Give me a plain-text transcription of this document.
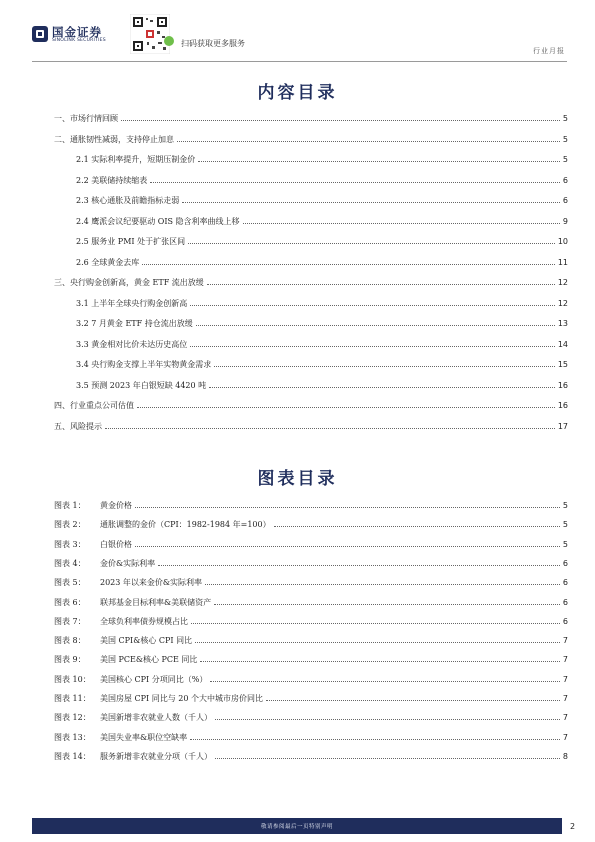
国金证券
SINOLINK SECURITIES	扫码获取更多服务
行业月报
内容目录
一、市场行情回顾	5
二、通胀韧性减弱，支持停止加息	5
2.1 实际利率提升，短期压制金价	5
2.2 美联储持续缩表	6
2.3 核心通胀及前瞻指标走弱	6
2.4 鹰派会议纪要驱动 OIS 隐含利率曲线上移	9
2.5 服务业 PMI 处于扩张区间	10
2.6 全球黄金去库	11
三、央行购金创新高，黄金 ETF 流出放缓	12
3.1 上半年全球央行购金创新高	12
3.2 7 月黄金 ETF 持仓流出放缓	13
3.3 黄金相对比价未达历史高位	14
3.4 央行购金支撑上半年实物黄金需求	15
3.5 预测 2023 年白银短缺 4420 吨	16
四、行业重点公司估值	16
五、风险提示	17
图表目录
图表 1： 黄金价格	5
图表 2： 通胀调整的金价（CPI：1982-1984 年=100）	5
图表 3： 白银价格	5
图表 4： 金价&实际利率	6
图表 5： 2023 年以来金价&实际利率	6
图表 6： 联邦基金目标利率&美联储资产	6
图表 7： 全球负利率债券规模占比	6
图表 8： 美国 CPI&核心 CPI 同比	7
图表 9： 美国 PCE&核心 PCE 同比	7
图表 10： 美国核心 CPI 分项同比（%）	7
图表 11： 美国房屋 CPI 同比与 20 个大中城市房价同比	7
图表 12： 美国新增非农就业人数（千人）	7
图表 13： 美国失业率&职位空缺率	7
图表 14： 服务新增非农就业分项（千人）	8
敬请参阅最后一页特别声明	2
